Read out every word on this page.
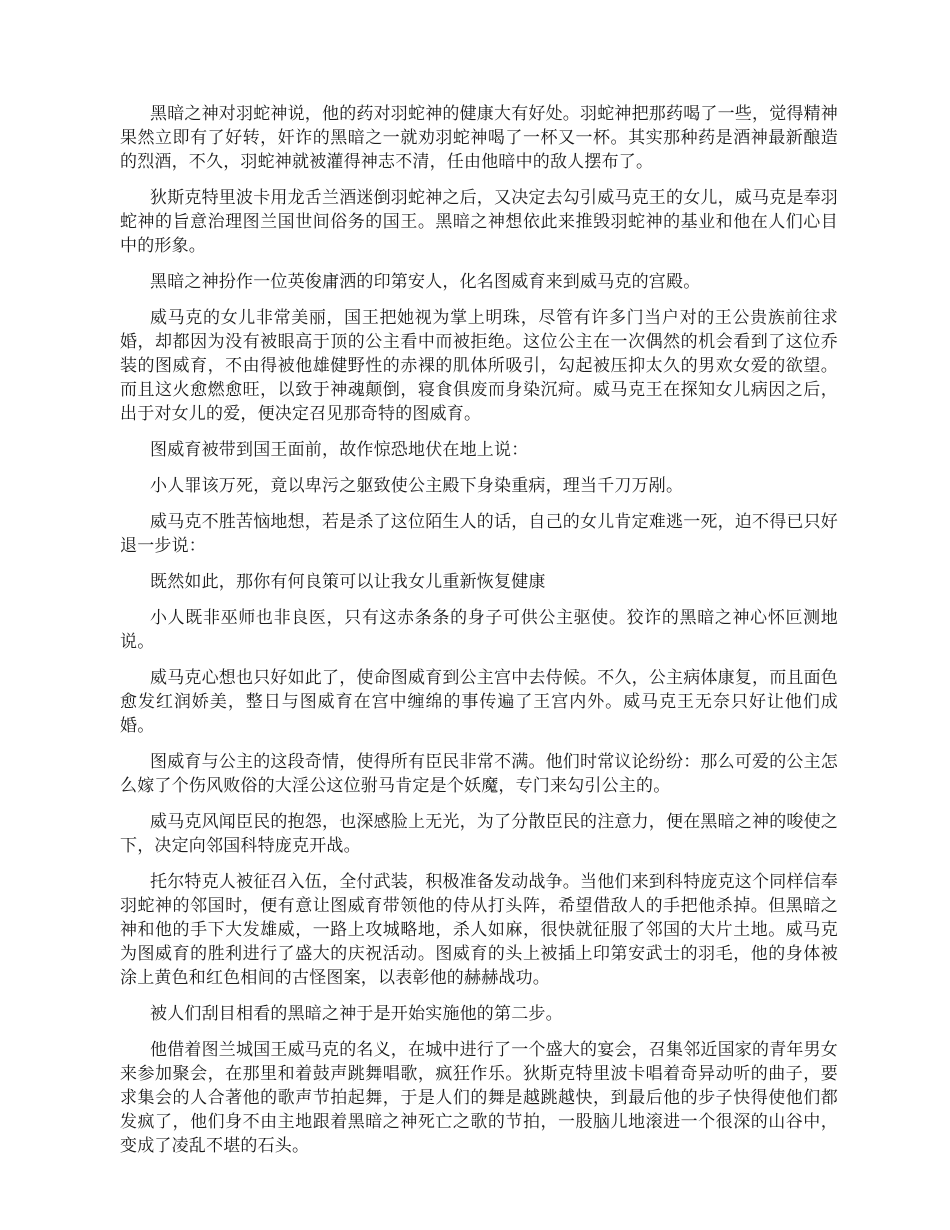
黑暗之神对羽蛇神说，他的药对羽蛇神的健康大有好处。羽蛇神把那药喝了一些，觉得精神果然立即有了好转，奸诈的黑暗之一就劝羽蛇神喝了一杯又一杯。其实那种药是酒神最新酿造的烈酒，不久，羽蛇神就被灌得神志不清，任由他暗中的敌人摆布了。

狄斯克特里波卡用龙舌兰酒迷倒羽蛇神之后，又决定去勾引威马克王的女儿，威马克是奉羽蛇神的旨意治理图兰国世间俗务的国王。黑暗之神想依此来推毁羽蛇神的基业和他在人们心目中的形象。

黑暗之神扮作一位英俊庸洒的印第安人，化名图威育来到威马克的宫殿。

威马克的女儿非常美丽，国王把她视为掌上明珠，尽管有许多门当户对的王公贵族前往求婚，却都因为没有被眼高于顶的公主看中而被拒绝。这位公主在一次偶然的机会看到了这位乔装的图威育，不由得被他雄健野性的赤裸的肌体所吸引，勾起被压抑太久的男欢女爱的欲望。而且这火愈燃愈旺，以致于神魂颠倒，寝食俱废而身染沉疴。威马克王在探知女儿病因之后，出于对女儿的爱，便决定召见那奇特的图威育。

图威育被带到国王面前，故作惊恐地伏在地上说：

小人罪该万死，竟以卑污之躯致使公主殿下身染重病，理当千刀万剐。

威马克不胜苦恼地想，若是杀了这位陌生人的话，自己的女儿肯定难逃一死，迫不得已只好退一步说：

既然如此，那你有何良策可以让我女儿重新恢复健康

小人既非巫师也非良医，只有这赤条条的身子可供公主驱使。狡诈的黑暗之神心怀叵测地说。

威马克心想也只好如此了，使命图威育到公主宫中去侍候。不久，公主病体康复，而且面色愈发红润娇美，整日与图威育在宫中缠绵的事传遍了王宫内外。威马克王无奈只好让他们成婚。

图威育与公主的这段奇情，使得所有臣民非常不满。他们时常议论纷纷：那么可爱的公主怎么嫁了个伤风败俗的大淫公这位驸马肯定是个妖魔，专门来勾引公主的。

威马克风闻臣民的抱怨，也深感脸上无光，为了分散臣民的注意力，便在黑暗之神的唆使之下，决定向邻国科特庞克开战。

托尔特克人被征召入伍，全付武装，积极准备发动战争。当他们来到科特庞克这个同样信奉羽蛇神的邻国时，便有意让图威育带领他的侍从打头阵，希望借敌人的手把他杀掉。但黑暗之神和他的手下大发雄威，一路上攻城略地，杀人如麻，很快就征服了邻国的大片土地。威马克为图威育的胜利进行了盛大的庆祝活动。图威育的头上被插上印第安武士的羽毛，他的身体被涂上黄色和红色相间的古怪图案，以表彰他的赫赫战功。

被人们刮目相看的黑暗之神于是开始实施他的第二步。

他借着图兰城国王威马克的名义，在城中进行了一个盛大的宴会，召集邻近国家的青年男女来参加聚会，在那里和着鼓声跳舞唱歌，疯狂作乐。狄斯克特里波卡唱着奇异动听的曲子，要求集会的人合著他的歌声节拍起舞，于是人们的舞是越跳越快，到最后他的步子快得使他们都发疯了，他们身不由主地跟着黑暗之神死亡之歌的节拍，一股脑儿地滚进一个很深的山谷中，变成了凌乱不堪的石头。
